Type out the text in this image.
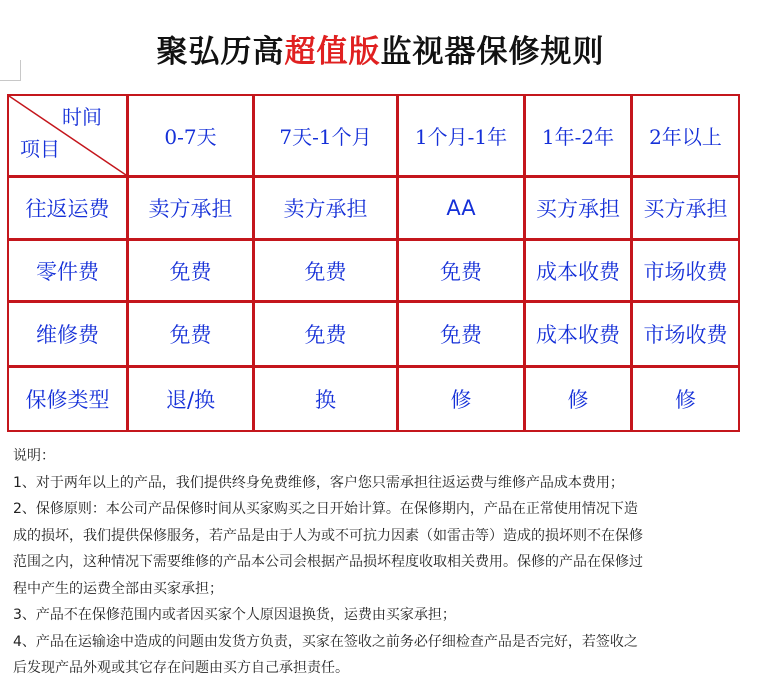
聚弘历高超值版监视器保修规则
时间
项目	0-7天	7天-1个月	1个月-1年	1年-2年	2年以上
往返运费	卖方承担	卖方承担	AA	买方承担	买方承担
零件费	免费	免费	免费	成本收费	市场收费
维修费	免费	免费	免费	成本收费	市场收费
保修类型	退/换	换	修	修	修

说明：

1、对于两年以上的产品，我们提供终身免费维修，客户您只需承担往返运费与维修产品成本费用；

2、保修原则：本公司产品保修时间从买家购买之日开始计算。在保修期内，产品在正常使用情况下造

成的损坏，我们提供保修服务，若产品是由于人为或不可抗力因素（如雷击等）造成的损坏则不在保修

范围之内，这种情况下需要维修的产品本公司会根据产品损坏程度收取相关费用。保修的产品在保修过

程中产生的运费全部由买家承担；

3、产品不在保修范围内或者因买家个人原因退换货，运费由买家承担；

4、产品在运输途中造成的问题由发货方负责，买家在签收之前务必仔细检查产品是否完好，若签收之

后发现产品外观或其它存在问题由买方自己承担责任。
